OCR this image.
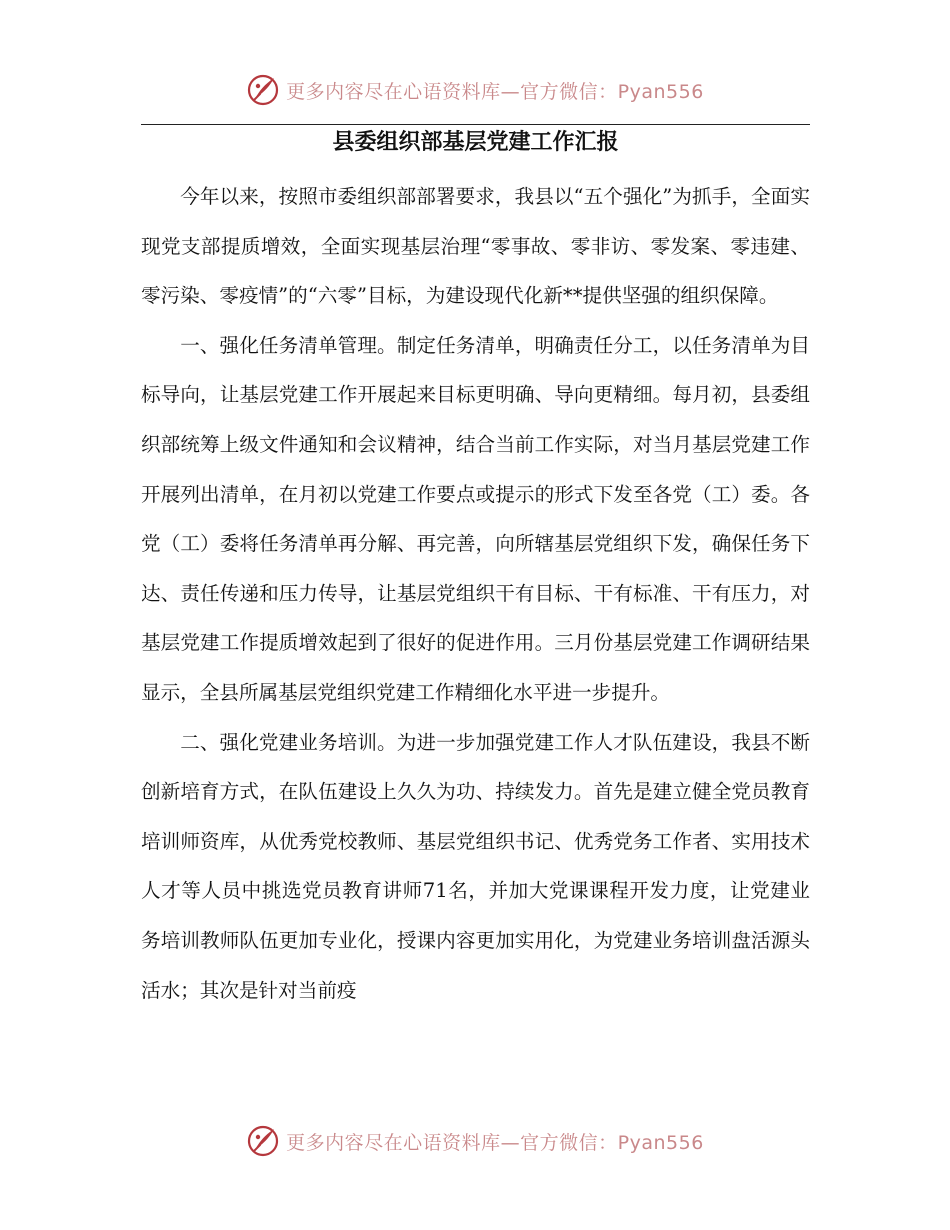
更多内容尽在心语资料库—官方微信：Pyan556
县委组织部基层党建工作汇报

今年以来，按照市委组织部部署要求，我县以“五个强化”为抓手，全面实现党支部提质增效，全面实现基层治理“零事故、零非访、零发案、零违建、零污染、零疫情”的“六零”目标，为建设现代化新**提供坚强的组织保障。

一、强化任务清单管理。制定任务清单，明确责任分工，以任务清单为目标导向，让基层党建工作开展起来目标更明确、导向更精细。每月初，县委组织部统筹上级文件通知和会议精神，结合当前工作实际，对当月基层党建工作开展列出清单，在月初以党建工作要点或提示的形式下发至各党（工）委。各党（工）委将任务清单再分解、再完善，向所辖基层党组织下发，确保任务下达、责任传递和压力传导，让基层党组织干有目标、干有标准、干有压力，对基层党建工作提质增效起到了很好的促进作用。三月份基层党建工作调研结果显示，全县所属基层党组织党建工作精细化水平进一步提升。

二、强化党建业务培训。为进一步加强党建工作人才队伍建设，我县不断创新培育方式，在队伍建设上久久为功、持续发力。首先是建立健全党员教育培训师资库，从优秀党校教师、基层党组织书记、优秀党务工作者、实用技术人才等人员中挑选党员教育讲师71名，并加大党课课程开发力度，让党建业务培训教师队伍更加专业化，授课内容更加实用化，为党建业务培训盘活源头活水；其次是针对当前疫

更多内容尽在心语资料库—官方微信：Pyan556
